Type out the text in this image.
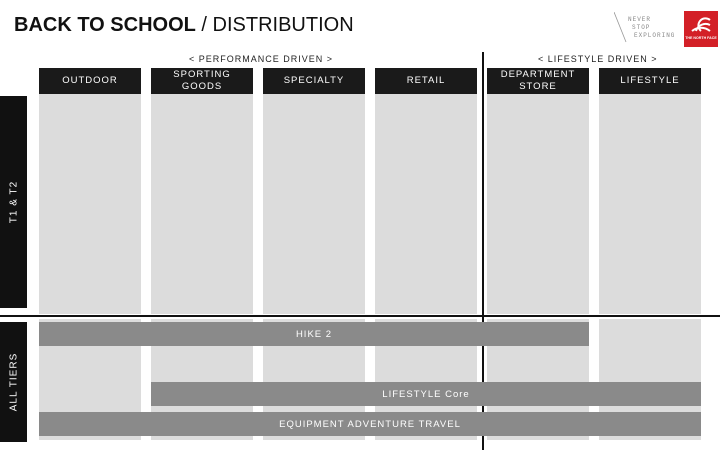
BACK TO SCHOOL / DISTRIBUTION	NEVER
STOP
EXPLORING	THE NORTH FACE
< PERFORMANCE DRIVEN >	< LIFESTYLE DRIVEN >
OUTDOOR
SPORTING
GOODS
SPECIALTY	RETAIL
DEPARTMENT
STORE
LIFESTYLE
T1 & T2
ALL TIERS
HIKE 2
LIFESTYLE Core
EQUIPMENT ADVENTURE TRAVEL
